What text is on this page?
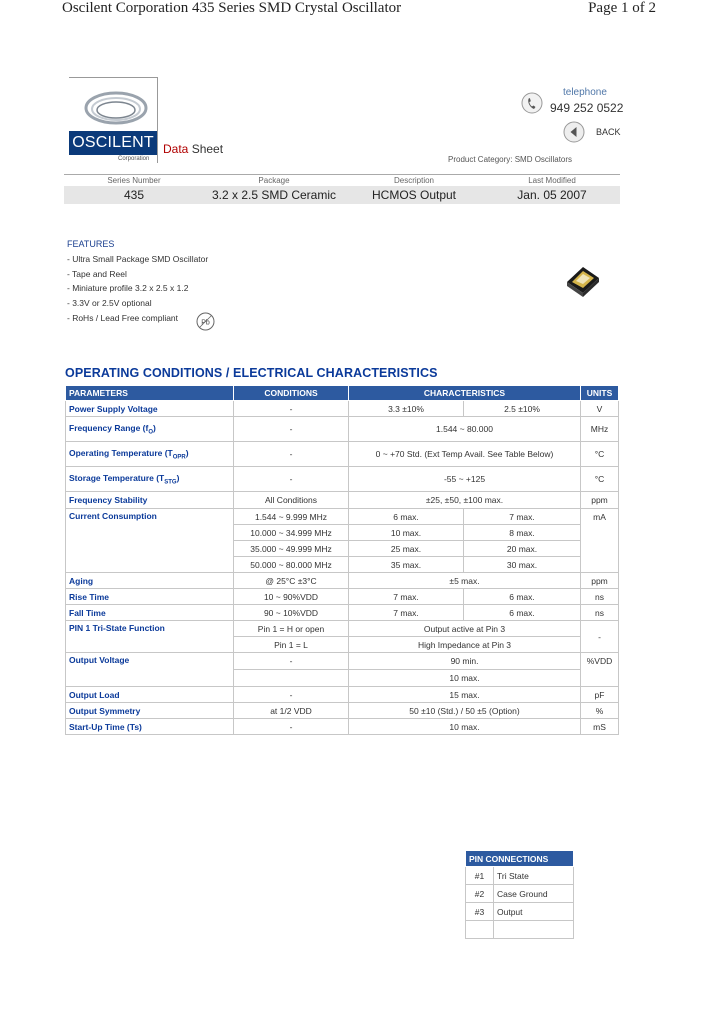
Oscilent Corporation 435 Series SMD Crystal Oscillator	Page 1 of 2
OSCILENT
Corporation
Data Sheet
telephone
949 252 0522
BACK
Product Category: SMD Oscillators
Series Number	Package	Description	Last Modified
435	3.2 x 2.5 SMD Ceramic	HCMOS Output	Jan. 05 2007
FEATURES
- Ultra Small Package SMD Oscillator
- Tape and Reel
- Miniature profile 3.2 x 2.5 x 1.2
- 3.3V or 2.5V optional
- RoHs / Lead Free compliant
Pb
OPERATING CONDITIONS / ELECTRICAL CHARACTERISTICS
PARAMETERS	CONDITIONS	CHARACTERISTICS		UNITS
Power Supply Voltage	-	3.3 ±10%	2.5 ±10%	V
Frequency Range $(f_O)$	-	1.544 ~ 80.000		MHz
Operating Temperature $(T_{OPR})$	-	0 ~ +70 Std. (Ext Temp Avail. See Table Below)		°C
Storage Temperature $(T_{STG})$	-	-55 ~ +125		°C
Frequency Stability	All Conditions	±25, ±50, ±100 max.		ppm
Current Consumption	1.544 ~ 9.999 MHz	6 max.	7 max.	mA
	10.000 ~ 34.999 MHz	10 max.	8 max.	
	35.000 ~ 49.999 MHz	25 max.	20 max.	
	50.000 ~ 80.000 MHz	35 max.	30 max.	
Aging	@ 25°C ±3°C	±5 max.		ppm
Rise Time	10 ~ 90%VDD	7 max.	6 max.	ns
Fall Time	90 ~ 10%VDD	7 max.	6 max.	ns
PIN 1 Tri-State Function	Pin 1 = H or open	Output active at Pin 3		-
	Pin 1 = L	High Impedance at Pin 3		
Output Voltage	-	90 min.		%VDD
		10 max.		
Output Load	-	15 max.		pF
Output Symmetry	at 1/2 VDD	50 ±10 (Std.) / 50 ±5 (Option)		%
Start-Up Time (Ts)	-	10 max.		mS
PIN CONNECTIONS	
#1	Tri State
#2	Case Ground
#3	Output
